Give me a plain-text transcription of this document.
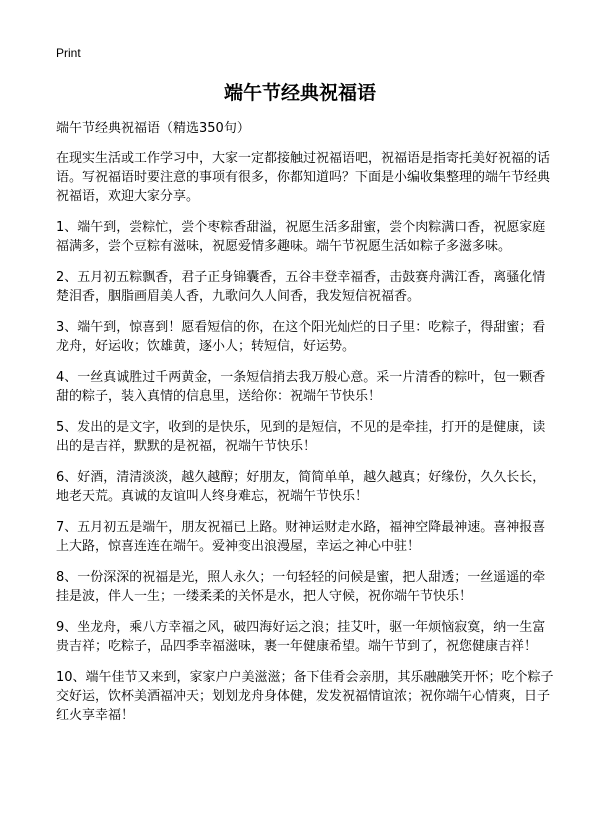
Print
端午节经典祝福语

端午节经典祝福语（精选350句）

在现实生活或工作学习中，大家一定都接触过祝福语吧，祝福语是指寄托美好祝福的话语。写祝福语时要注意的事项有很多，你都知道吗？下面是小编收集整理的端午节经典祝福语，欢迎大家分享。

1、端午到，尝粽忙，尝个枣粽香甜溢，祝愿生活多甜蜜，尝个肉粽满口香，祝愿家庭福满多，尝个豆粽有滋味，祝愿爱情多趣味。端午节祝愿生活如粽子多滋多味。

2、五月初五粽飘香，君子正身锦囊香，五谷丰登幸福香，击鼓赛舟满江香，离骚化情楚泪香，胭脂画眉美人香，九歌问久人间香，我发短信祝福香。

3、端午到，惊喜到！愿看短信的你，在这个阳光灿烂的日子里：吃粽子，得甜蜜；看龙舟，好运收；饮雄黄，逐小人；转短信，好运势。

4、一丝真诚胜过千两黄金，一条短信捎去我万般心意。采一片清香的粽叶，包一颗香甜的粽子，装入真情的信息里，送给你：祝端午节快乐！

5、发出的是文字，收到的是快乐，见到的是短信，不见的是牵挂，打开的是健康，读出的是吉祥，默默的是祝福，祝端午节快乐！

6、好酒，清清淡淡，越久越醇；好朋友，简简单单，越久越真；好缘份，久久长长，地老天荒。真诚的友谊叫人终身难忘，祝端午节快乐！

7、五月初五是端午，朋友祝福已上路。财神运财走水路，福神空降最神速。喜神报喜上大路，惊喜连连在端午。爱神变出浪漫屋，幸运之神心中驻！

8、一份深深的祝福是光，照人永久；一句轻轻的问候是蜜，把人甜透；一丝遥遥的牵挂是波，伴人一生；一缕柔柔的关怀是水，把人守候，祝你端午节快乐！

9、坐龙舟，乘八方幸福之风，破四海好运之浪；挂艾叶，驱一年烦恼寂寞，纳一生富贵吉祥；吃粽子，品四季幸福滋味，裹一年健康希望。端午节到了，祝您健康吉祥！

10、端午佳节又来到，家家户户美滋滋；备下佳肴会亲朋，其乐融融笑开怀；吃个粽子交好运，饮杯美酒福冲天；划划龙舟身体健，发发祝福情谊浓；祝你端午心情爽，日子红火享幸福！
